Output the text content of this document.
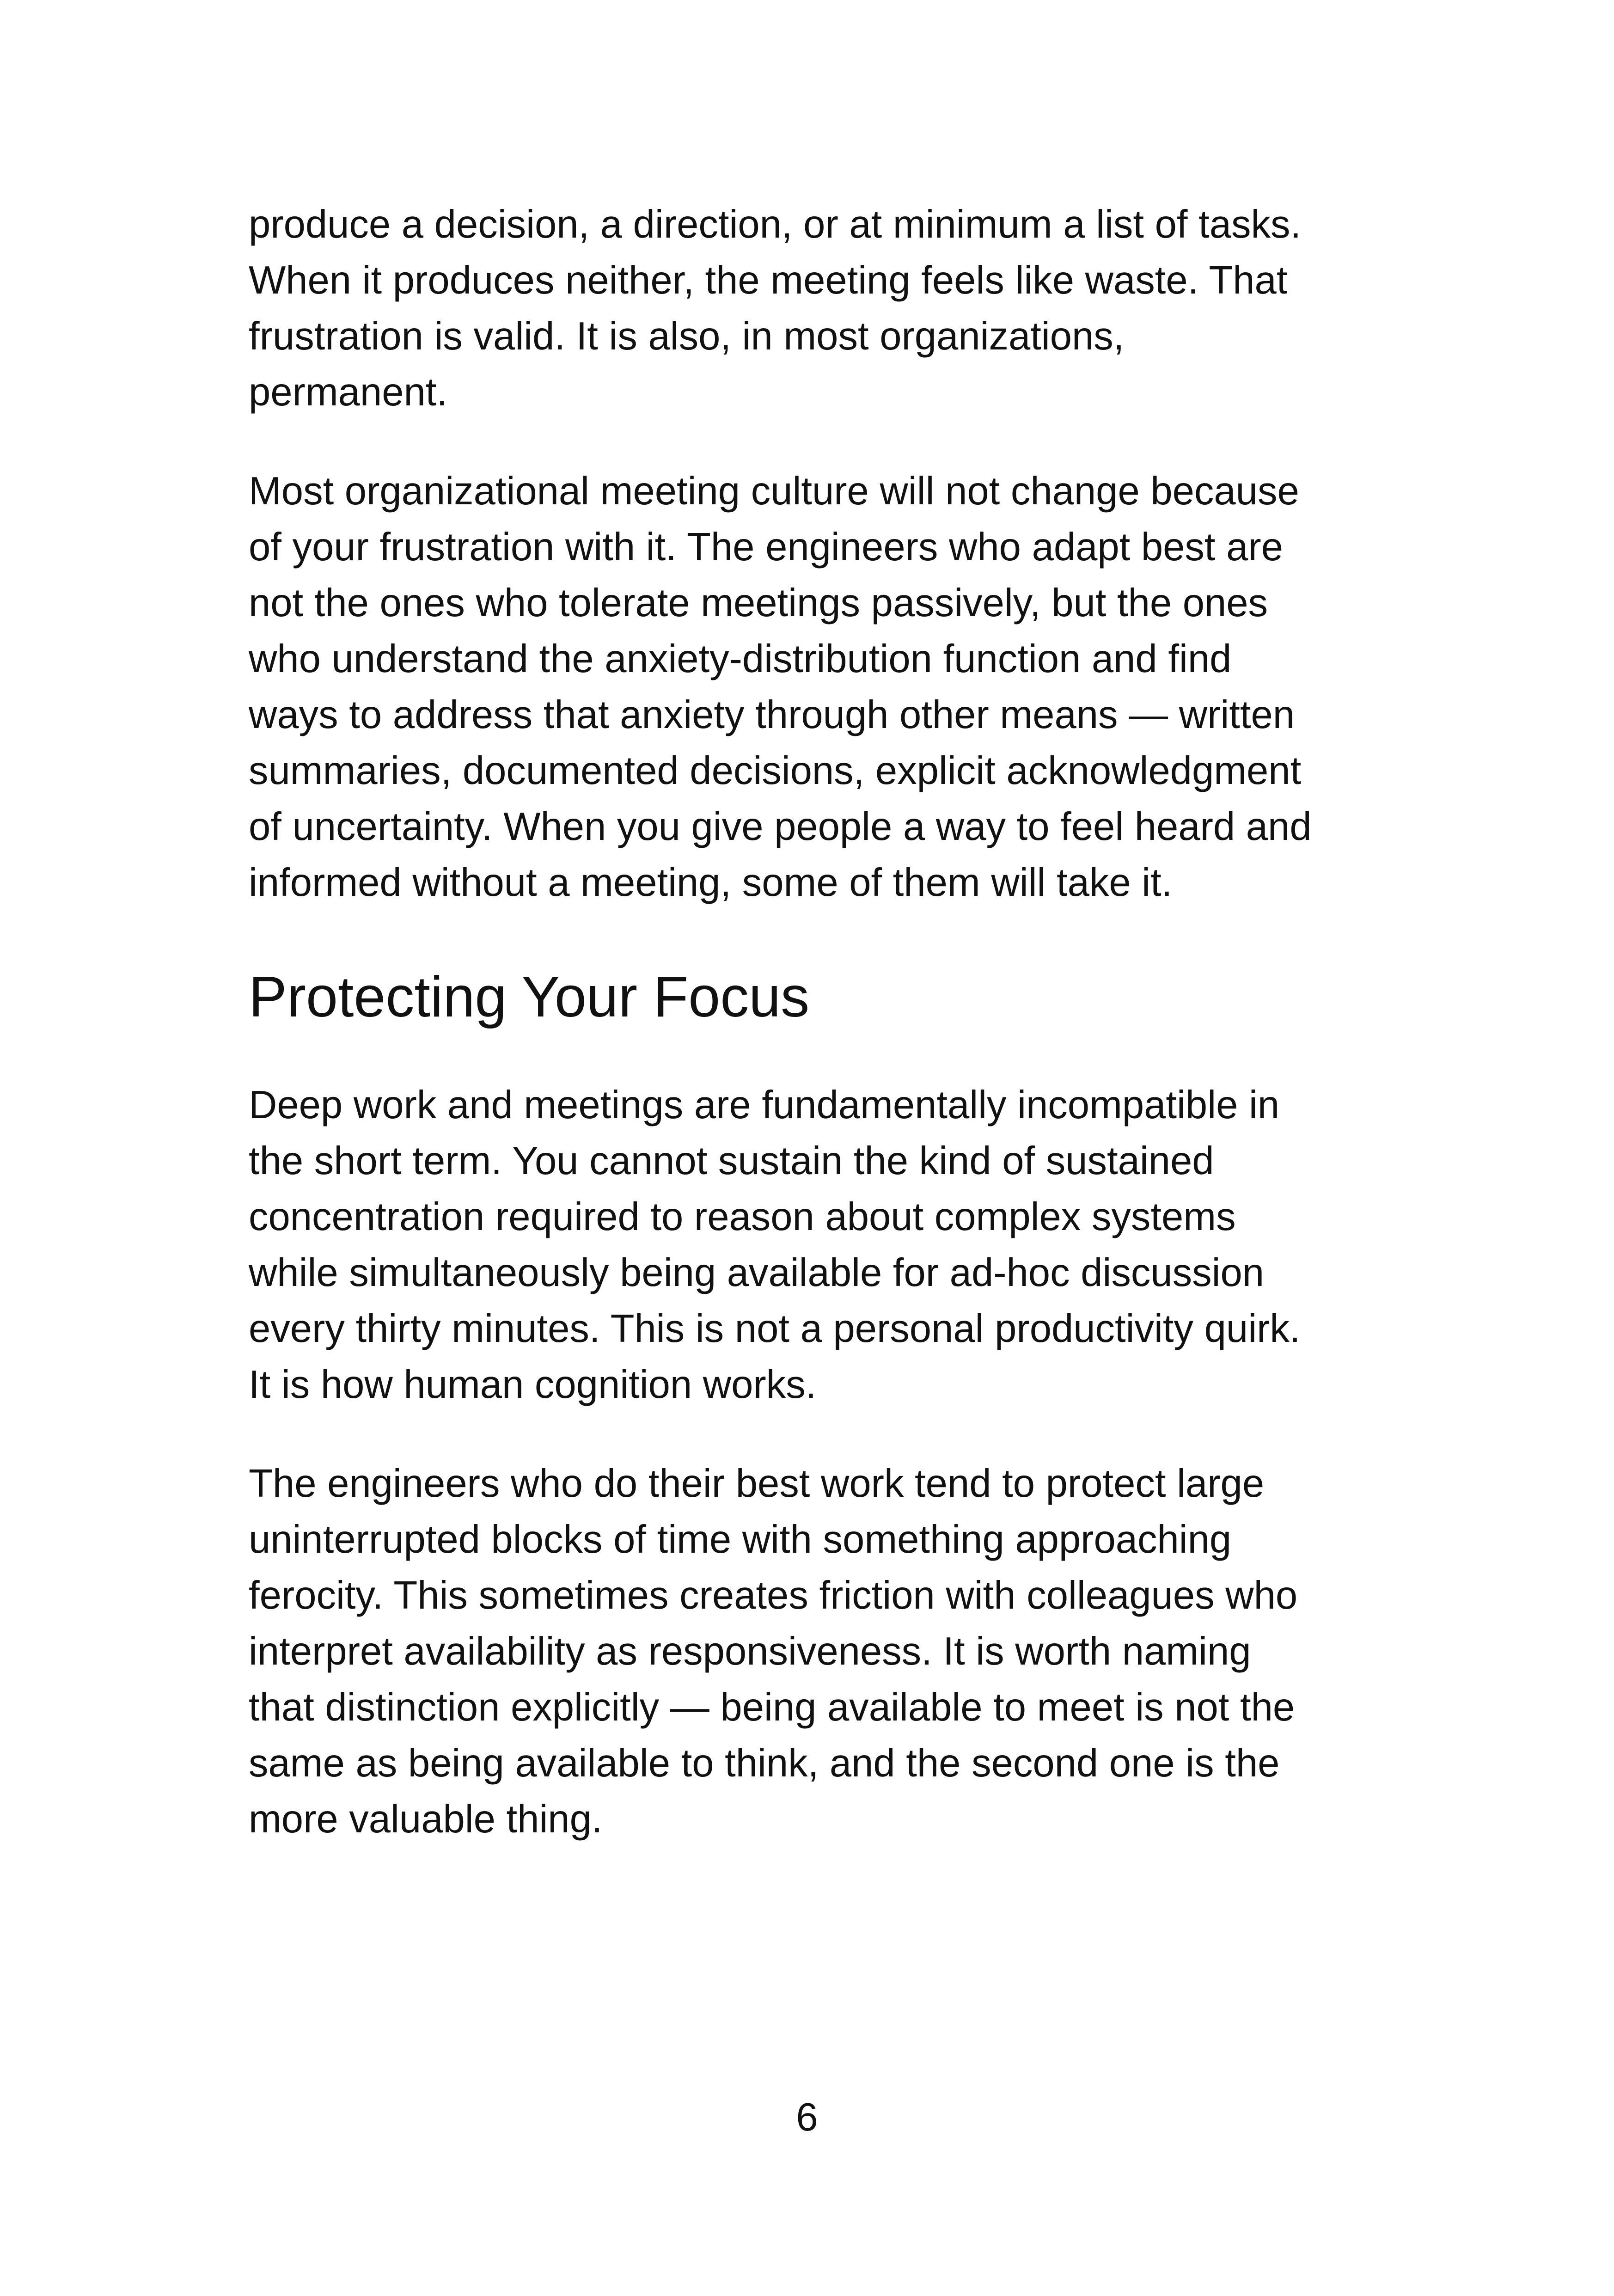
produce a decision, a direction, or at minimum a list of tasks.
When it produces neither, the meeting feels like waste. That
frustration is valid. It is also, in most organizations,
permanent.

Most organizational meeting culture will not change because
of your frustration with it. The engineers who adapt best are
not the ones who tolerate meetings passively, but the ones
who understand the anxiety-distribution function and find
ways to address that anxiety through other means — written
summaries, documented decisions, explicit acknowledgment
of uncertainty. When you give people a way to feel heard and
informed without a meeting, some of them will take it.

Protecting Your Focus

Deep work and meetings are fundamentally incompatible in
the short term. You cannot sustain the kind of sustained
concentration required to reason about complex systems
while simultaneously being available for ad-hoc discussion
every thirty minutes. This is not a personal productivity quirk.
It is how human cognition works.

The engineers who do their best work tend to protect large
uninterrupted blocks of time with something approaching
ferocity. This sometimes creates friction with colleagues who
interpret availability as responsiveness. It is worth naming
that distinction explicitly — being available to meet is not the
same as being available to think, and the second one is the
more valuable thing.

6
